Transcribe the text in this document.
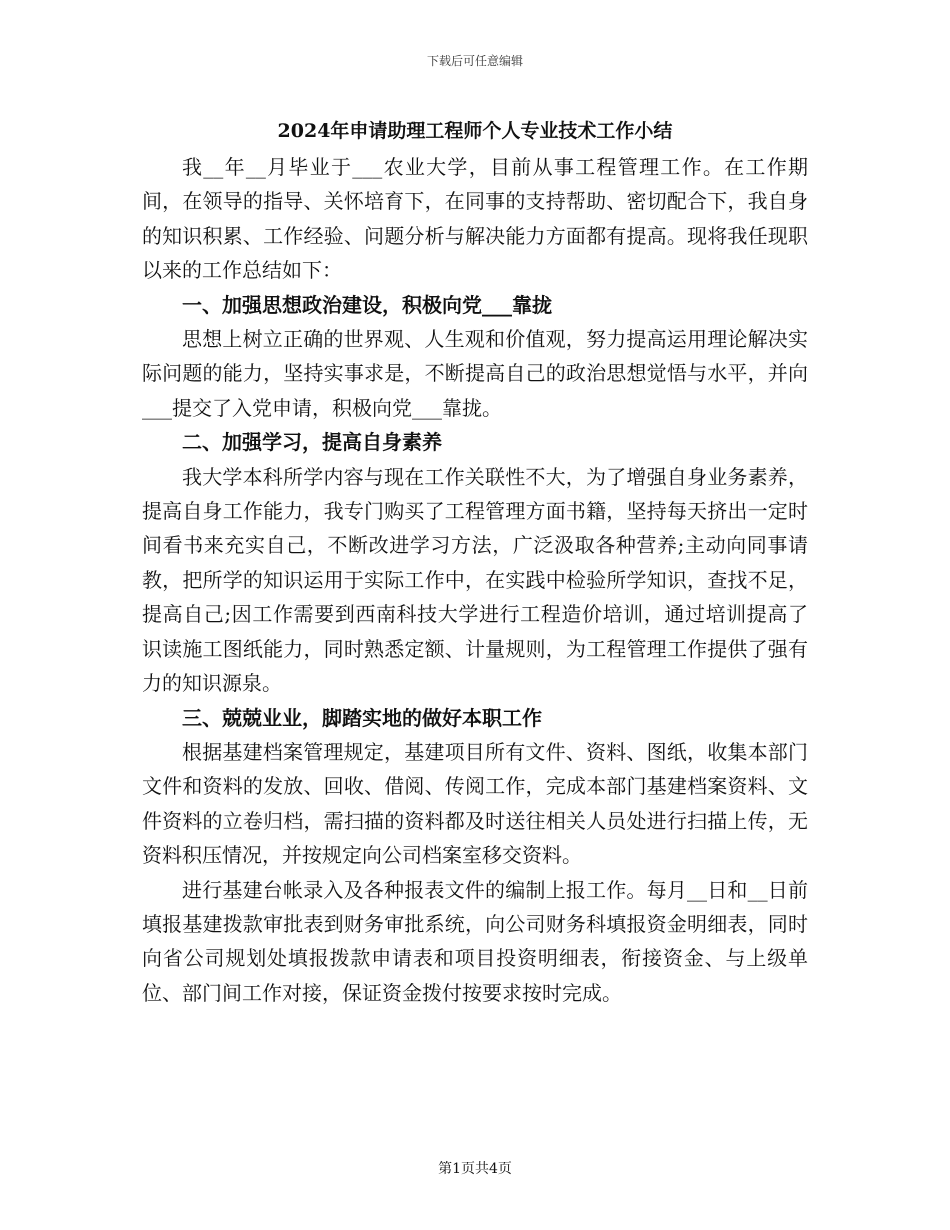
下载后可任意编辑
2024年申请助理工程师个人专业技术工作小结

我__年__月毕业于___农业大学，目前从事工程管理工作。在工作期间，在领导的指导、关怀培育下，在同事的支持帮助、密切配合下，我自身的知识积累、工作经验、问题分析与解决能力方面都有提高。现将我任现职以来的工作总结如下：

一、加强思想政治建设，积极向党___靠拢

思想上树立正确的世界观、人生观和价值观，努力提高运用理论解决实际问题的能力，坚持实事求是，不断提高自己的政治思想觉悟与水平，并向___提交了入党申请，积极向党___靠拢。

二、加强学习，提高自身素养

我大学本科所学内容与现在工作关联性不大，为了增强自身业务素养，提高自身工作能力，我专门购买了工程管理方面书籍，坚持每天挤出一定时间看书来充实自己，不断改进学习方法，广泛汲取各种营养;主动向同事请教，把所学的知识运用于实际工作中，在实践中检验所学知识，查找不足，提高自己;因工作需要到西南科技大学进行工程造价培训，通过培训提高了识读施工图纸能力，同时熟悉定额、计量规则，为工程管理工作提供了强有力的知识源泉。

三、兢兢业业，脚踏实地的做好本职工作

根据基建档案管理规定，基建项目所有文件、资料、图纸，收集本部门文件和资料的发放、回收、借阅、传阅工作，完成本部门基建档案资料、文件资料的立卷归档，需扫描的资料都及时送往相关人员处进行扫描上传，无资料积压情况，并按规定向公司档案室移交资料。

进行基建台帐录入及各种报表文件的编制上报工作。每月__日和__日前填报基建拨款审批表到财务审批系统，向公司财务科填报资金明细表，同时向省公司规划处填报拨款申请表和项目投资明细表，衔接资金、与上级单位、部门间工作对接，保证资金拨付按要求按时完成。

第1页共4页
